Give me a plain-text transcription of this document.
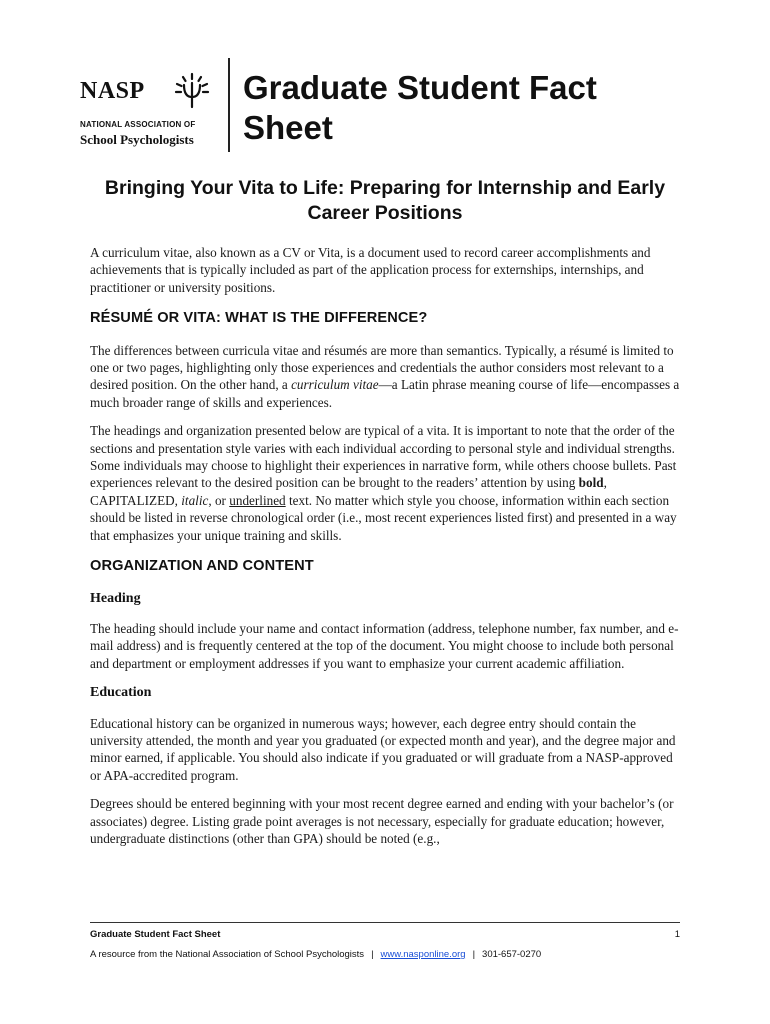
NASP
NATIONAL ASSOCIATION OF
School Psychologists
Graduate Student Fact Sheet
Bringing Your Vita to Life: Preparing for Internship and Early Career Positions

A curriculum vitae, also known as a CV or Vita, is a document used to record career accomplishments and achievements that is typically included as part of the application process for externships, internships, and practitioner or university positions.

RÉSUMÉ OR VITA: WHAT IS THE DIFFERENCE?

The differences between curricula vitae and résumés are more than semantics. Typically, a résumé is limited to one or two pages, highlighting only those experiences and credentials the author considers most relevant to a desired position. On the other hand, a curriculum vitae—a Latin phrase meaning course of life—encompasses a much broader range of skills and experiences.

The headings and organization presented below are typical of a vita. It is important to note that the order of the sections and presentation style varies with each individual according to personal style and individual strengths. Some individuals may choose to highlight their experiences in narrative form, while others choose bullets. Past experiences relevant to the desired position can be brought to the readers’ attention by using bold, CAPITALIZED, italic, or underlined text. No matter which style you choose, information within each section should be listed in reverse chronological order (i.e., most recent experiences listed first) and presented in a way that emphasizes your unique training and skills.

ORGANIZATION AND CONTENT
Heading

The heading should include your name and contact information (address, telephone number, fax number, and e-mail address) and is frequently centered at the top of the document. You might choose to include both personal and department or employment addresses if you want to emphasize your current academic affiliation.

Education

Educational history can be organized in numerous ways; however, each degree entry should contain the university attended, the month and year you graduated (or expected month and year), and the degree major and minor earned, if applicable. You should also indicate if you graduated or will graduate from a NASP-approved or APA-accredited program.

Degrees should be entered beginning with your most recent degree earned and ending with your bachelor’s (or associates) degree. Listing grade point averages is not necessary, especially for graduate education; however, undergraduate distinctions (other than GPA) should be noted (e.g.,

Graduate Student Fact Sheet	1
A resource from the National Association of School Psychologists | www.nasponline.org | 301-657-0270
